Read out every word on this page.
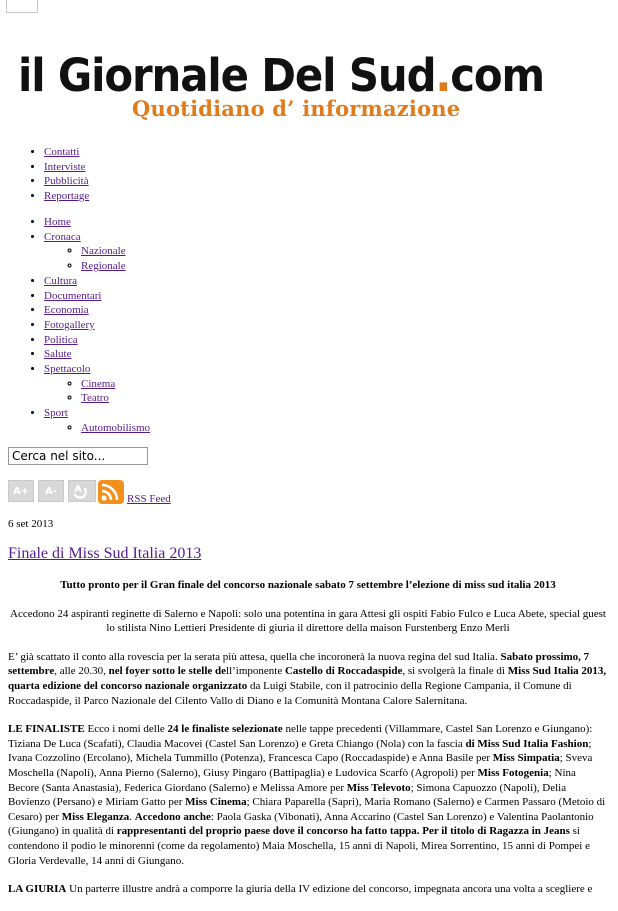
il Giornale Del Sud.com
Quotidiano d’ informazione
• Contatti
• Interviste
• Pubblicità
• Reportage
• Home
• Cronaca
◦ Nazionale
◦ Regionale
• Cultura
• Documentari
• Economia
• Fotogallery
• Politica
• Salute
• Spettacolo
◦ Cinema
◦ Teatro
• Sport
◦ Automobilismo
Cerca nel sito...
A+ A-
RSS Feed
6 set 2013
Finale di Miss Sud Italia 2013

Tutto pronto per il Gran finale del concorso nazionale sabato 7 settembre l’elezione di miss sud italia 2013

Accedono 24 aspiranti reginette di Salerno e Napoli: solo una potentina in gara Attesi gli ospiti Fabio Fulco e Luca Abete, special guest lo stilista Nino Lettieri Presidente di giuria il direttore della maison Furstenberg Enzo Merli

E’ già scattato il conto alla rovescia per la serata più attesa, quella che incoronerà la nuova regina del sud Italia. Sabato prossimo, 7 settembre, alle 20.30, nel foyer sotto le stelle dell’imponente Castello di Roccadaspide, si svolgerà la finale di Miss Sud Italia 2013, quarta edizione del concorso nazionale organizzato da Luigi Stabile, con il patrocinio della Regione Campania, il Comune di Roccadaspide, il Parco Nazionale del Cilento Vallo di Diano e la Comunità Montana Calore Salernitana.

LE FINALISTE Ecco i nomi delle 24 le finaliste selezionate nelle tappe precedenti (Villammare, Castel San Lorenzo e Giungano): Tiziana De Luca (Scafati), Claudia Macovei (Castel San Lorenzo) e Greta Chiango (Nola) con la fascia di Miss Sud Italia Fashion; Ivana Cozzolino (Ercolano), Michela Tummillo (Potenza), Francesca Capo (Roccadaspide) e Anna Basile per Miss Simpatia; Sveva Moschella (Napoli), Anna Pierno (Salerno), Giusy Pingaro (Battipaglia) e Ludovica Scarfò (Agropoli) per Miss Fotogenia; Nina Becore (Santa Anastasia), Federica Giordano (Salerno) e Melissa Amore per Miss Televoto; Simona Capuozzo (Napoli), Delia Bovienzo (Persano) e Miriam Gatto per Miss Cinema; Chiara Paparella (Sapri), Maria Romano (Salerno) e Carmen Passaro (Metoio di Cesaro) per Miss Eleganza. Accedono anche: Paola Gaska (Vibonati), Anna Accarino (Castel San Lorenzo) e Valentina Paolantonio (Giungano) in qualità di rappresentanti del proprio paese dove il concorso ha fatto tappa. Per il titolo di Ragazza in Jeans si contendono il podio le minorenni (come da regolamento) Maia Moschella, 15 anni di Napoli, Mirea Sorrentino, 15 anni di Pompei e Gloria Verdevalle, 14 anni di Giungano.

LA GIURIA Un parterre illustre andrà a comporre la giuria della IV edizione del concorso, impegnata ancora una volta a scegliere e
